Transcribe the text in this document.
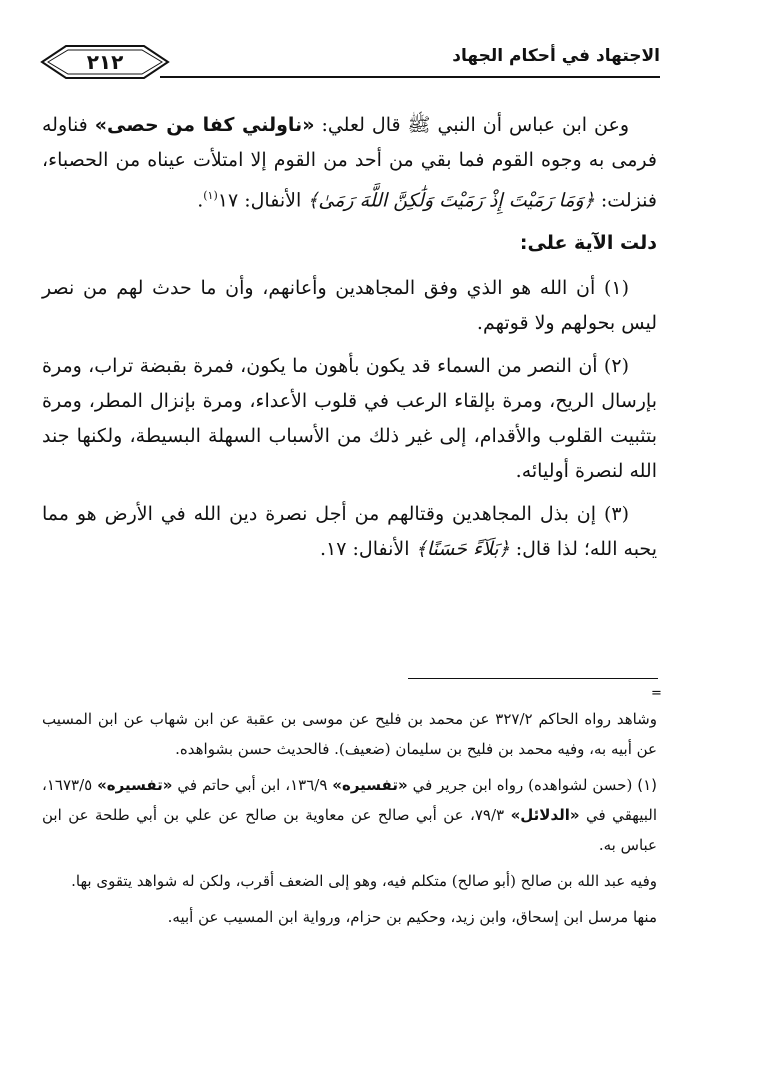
٢١٢	الاجتهاد في أحكام الجهاد

وعن ابن عباس أن النبي ﷺ قال لعلي: «ناولني كفا من حصى» فناوله فرمى به وجوه القوم فما بقي من أحد من القوم إلا امتلأت عيناه من الحصباء، فنزلت: ﴿وَمَا رَمَيْتَ إِذْ رَمَيْتَ وَلَٰكِنَّ اللَّهَ رَمَىٰ﴾ الأنفال: ١٧$^{(١)}$.

دلت الآية على:

(١) أن الله هو الذي وفق المجاهدين وأعانهم، وأن ما حدث لهم من نصر ليس بحولهم ولا قوتهم.

(٢) أن النصر من السماء قد يكون بأهون ما يكون، فمرة بقبضة تراب، ومرة بإرسال الريح، ومرة بإلقاء الرعب في قلوب الأعداء، ومرة بإنزال المطر، ومرة بتثبيت القلوب والأقدام، إلى غير ذلك من الأسباب السهلة البسيطة، ولكنها جند الله لنصرة أوليائه.

(٣) إن بذل المجاهدين وقتالهم من أجل نصرة دين الله في الأرض هو مما يحبه الله؛ لذا قال: ﴿بَلَآءً حَسَنًا﴾ الأنفال: ١٧.

=

وشاهد رواه الحاكم ٣٢٧/٢ عن محمد بن فليح عن موسى بن عقبة عن ابن شهاب عن ابن المسيب عن أبيه به، وفيه محمد بن فليح بن سليمان (ضعيف). فالحديث حسن بشواهده.

(١) (حسن لشواهده) رواه ابن جرير في «تفسيره» ١٣٦/٩، ابن أبي حاتم في «تفسيره» ١٦٧٣/٥، البيهقي في «الدلائل» ٧٩/٣، عن أبي صالح عن معاوية بن صالح عن علي بن أبي طلحة عن ابن عباس به.

وفيه عبد الله بن صالح (أبو صالح) متكلم فيه، وهو إلى الضعف أقرب، ولكن له شواهد يتقوى بها.

منها مرسل ابن إسحاق، وابن زيد، وحكيم بن حزام، ورواية ابن المسيب عن أبيه.
